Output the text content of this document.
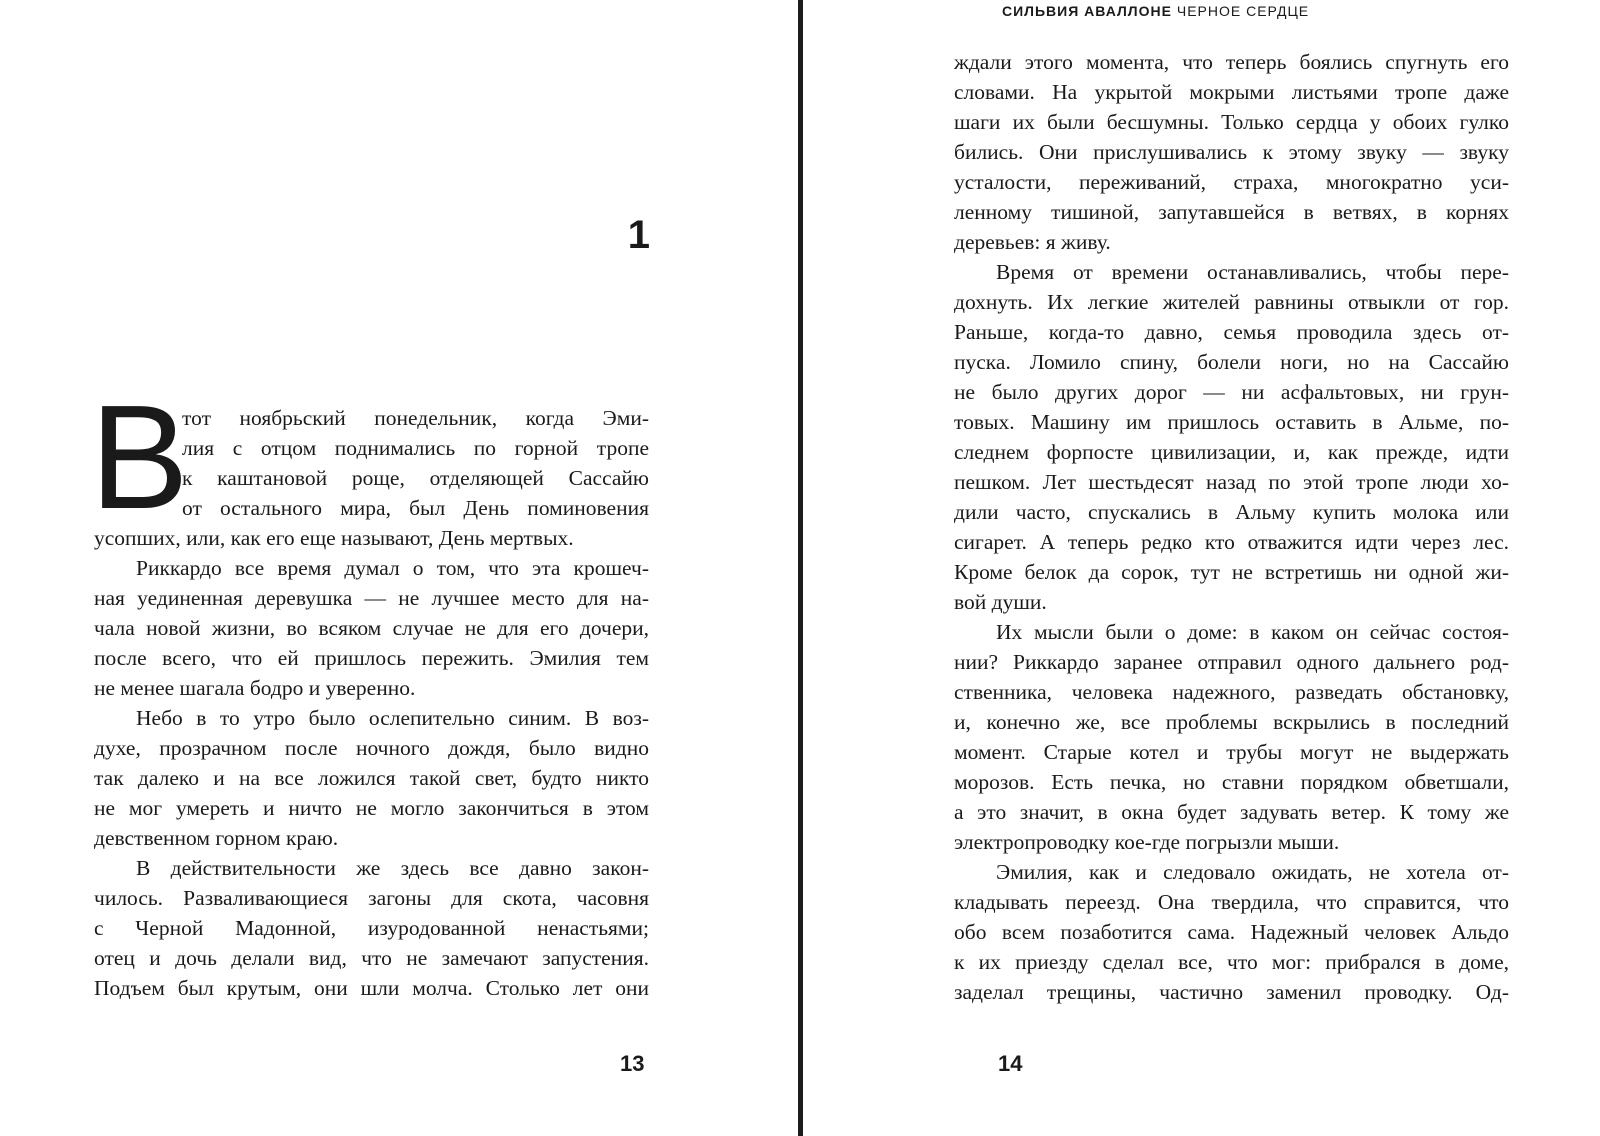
1
В
тот ноябрьский понедельник, когда Эми-
лия с отцом поднимались по горной тропе
к каштановой роще, отделяющей Сассайю
от остального мира, был День поминовения
усопших, или, как его еще называют, День мертвых.
Риккардо все время думал о том, что эта крошеч-
ная уединенная деревушка — не лучшее место для на-
чала новой жизни, во всяком случае не для его дочери,
после всего, что ей пришлось пережить. Эмилия тем
не менее шагала бодро и уверенно.
Небо в то утро было ослепительно синим. В воз-
духе, прозрачном после ночного дождя, было видно
так далеко и на все ложился такой свет, будто никто
не мог умереть и ничто не могло закончиться в этом
девственном горном краю.
В действительности же здесь все давно закон-
чилось. Разваливающиеся загоны для скота, часовня
с Черной Мадонной, изуродованной ненастьями;
отец и дочь делали вид, что не замечают запустения.
Подъем был крутым, они шли молча. Столько лет они
13
СИЛЬВИЯ АВАЛЛОНЕ ЧЕРНОЕ СЕРДЦЕ
ждали этого момента, что теперь боялись спугнуть его
словами. На укрытой мокрыми листьями тропе даже
шаги их были бесшумны. Только сердца у обоих гулко
бились. Они прислушивались к этому звуку — звуку
усталости, переживаний, страха, многократно уси-
ленному тишиной, запутавшейся в ветвях, в корнях
деревьев: я живу.
Время от времени останавливались, чтобы пере-
дохнуть. Их легкие жителей равнины отвыкли от гор.
Раньше, когда-то давно, семья проводила здесь от-
пуска. Ломило спину, болели ноги, но на Сассайю
не было других дорог — ни асфальтовых, ни грун-
товых. Машину им пришлось оставить в Альме, по-
следнем форпосте цивилизации, и, как прежде, идти
пешком. Лет шестьдесят назад по этой тропе люди хо-
дили часто, спускались в Альму купить молока или
сигарет. А теперь редко кто отважится идти через лес.
Кроме белок да сорок, тут не встретишь ни одной жи-
вой души.
Их мысли были о доме: в каком он сейчас состоя-
нии? Риккардо заранее отправил одного дальнего род-
ственника, человека надежного, разведать обстановку,
и, конечно же, все проблемы вскрылись в последний
момент. Старые котел и трубы могут не выдержать
морозов. Есть печка, но ставни порядком обветшали,
а это значит, в окна будет задувать ветер. К тому же
электропроводку кое-где погрызли мыши.
Эмилия, как и следовало ожидать, не хотела от-
кладывать переезд. Она твердила, что справится, что
обо всем позаботится сама. Надежный человек Альдо
к их приезду сделал все, что мог: прибрался в доме,
заделал трещины, частично заменил проводку. Од-
14
